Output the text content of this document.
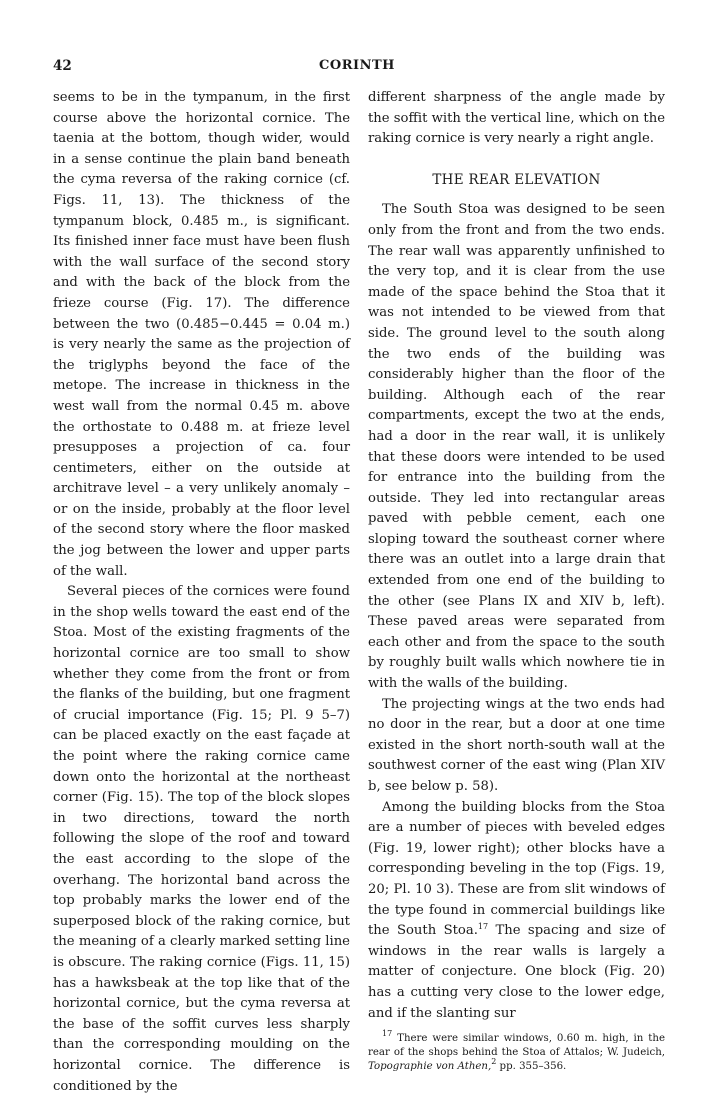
42	CORINTH

seems to be in the tympanum, in the first course above the horizontal cornice. The taenia at the bottom, though wider, would in a sense continue the plain band beneath the cyma reversa of the raking cornice (cf. Figs. 11, 13). The thickness of the tympanum block, 0.485 m., is significant. Its finished inner face must have been flush with the wall surface of the second story and with the back of the block from the frieze course (Fig. 17). The difference between the two (0.485−0.445 = 0.04 m.) is very nearly the same as the projection of the triglyphs beyond the face of the metope. The increase in thickness in the west wall from the normal 0.45 m. above the orthostate to 0.488 m. at frieze level presupposes a projection of ca. four centimeters, either on the outside at architrave level – a very unlikely anomaly – or on the inside, probably at the floor level of the second story where the floor masked the jog between the lower and upper parts of the wall.

Several pieces of the cornices were found in the shop wells toward the east end of the Stoa. Most of the existing fragments of the horizontal cornice are too small to show whether they come from the front or from the flanks of the building, but one fragment of crucial importance (Fig. 15; Pl. 9 5–7) can be placed exactly on the east façade at the point where the raking cornice came down onto the horizontal at the northeast corner (Fig. 15). The top of the block slopes in two directions, toward the north following the slope of the roof and toward the east according to the slope of the overhang. The horizontal band across the top probably marks the lower end of the superposed block of the raking cornice, but the meaning of a clearly marked setting line is obscure. The raking cornice (Figs. 11, 15) has a hawksbeak at the top like that of the horizontal cornice, but the cyma reversa at the base of the soffit curves less sharply than the corresponding moulding on the horizontal cornice. The difference is conditioned by the

different sharpness of the angle made by the soffit with the vertical line, which on the raking cornice is very nearly a right angle.

THE REAR ELEVATION

The South Stoa was designed to be seen only from the front and from the two ends. The rear wall was apparently unfinished to the very top, and it is clear from the use made of the space behind the Stoa that it was not intended to be viewed from that side. The ground level to the south along the two ends of the building was considerably higher than the floor of the building. Although each of the rear compartments, except the two at the ends, had a door in the rear wall, it is unlikely that these doors were intended to be used for entrance into the building from the outside. They led into rectangular areas paved with pebble cement, each one sloping toward the southeast corner where there was an outlet into a large drain that extended from one end of the building to the other (see Plans IX and XIV b, left). These paved areas were separated from each other and from the space to the south by roughly built walls which nowhere tie in with the walls of the building.

The projecting wings at the two ends had no door in the rear, but a door at one time existed in the short north-south wall at the southwest corner of the east wing (Plan XIV b, see below p. 58).

Among the building blocks from the Stoa are a number of pieces with beveled edges (Fig. 19, lower right); other blocks have a corresponding beveling in the top (Figs. 19, 20; Pl. 10 3). These are from slit windows of the type found in commercial buildings like the South Stoa.$^{17}$ The spacing and size of windows in the rear walls is largely a matter of conjecture. One block (Fig. 20) has a cutting very close to the lower edge, and if the slanting sur

$^{17}$ There were similar windows, 0.60 m. high, in the rear of the shops behind the Stoa of Attalos; W. Judeich, Topographie von Athen,$^2$ pp. 355–356.
